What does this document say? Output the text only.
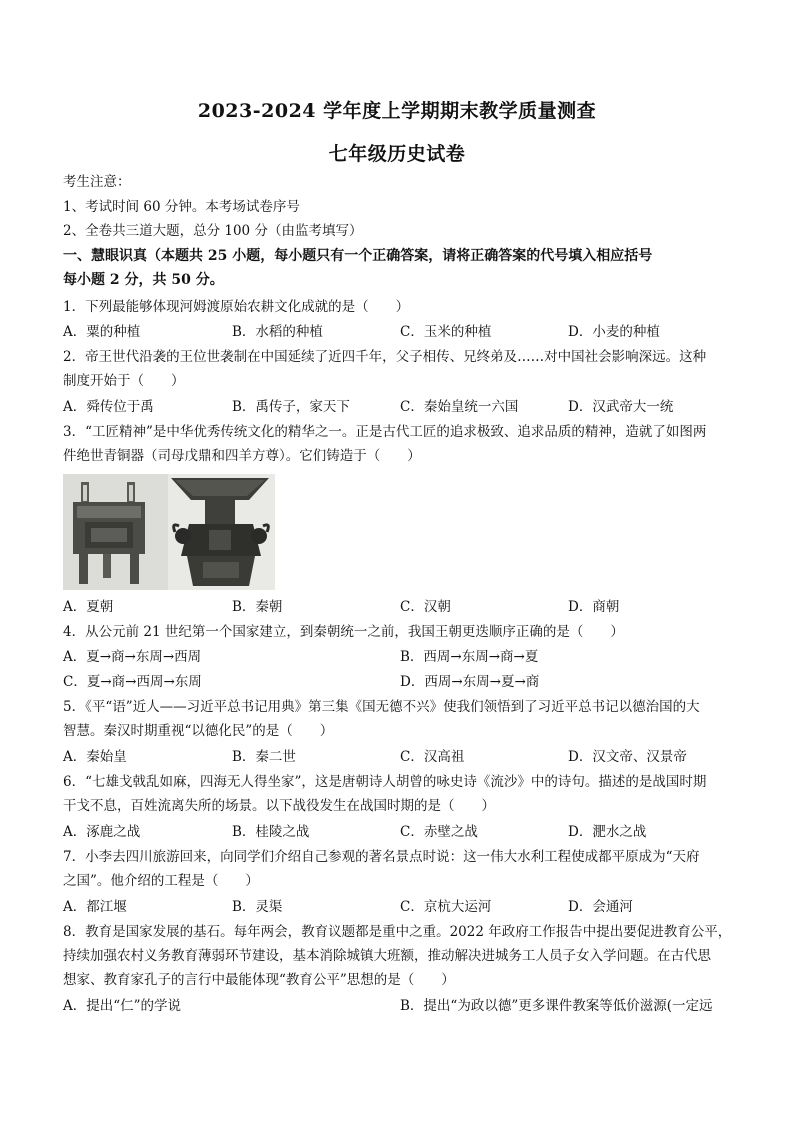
2023-2024 学年度上学期期末教学质量测查
七年级历史试卷
考生注意：
1、考试时间 60 分钟。本考场试卷序号
2、全卷共三道大题，总分 100 分（由监考填写）
一、慧眼识真（本题共 25 小题，每小题只有一个正确答案，请将正确答案的代号填入相应括号
每小题 2 分，共 50 分。
1．下列最能够体现河姆渡原始农耕文化成就的是（　　）
A．粟的种植	B．水稻的种植	C．玉米的种植	D．小麦的种植
2．帝王世代沿袭的王位世袭制在中国延续了近四千年，父子相传、兄终弟及……对中国社会影响深远。这种
制度开始于（　　）
A．舜传位于禹	B．禹传子，家天下	C．秦始皇统一六国	D．汉武帝大一统
3．“工匠精神”是中华优秀传统文化的精华之一。正是古代工匠的追求极致、追求品质的精神，造就了如图两
件绝世青铜器（司母戊鼎和四羊方尊）。它们铸造于（　　）
A．夏朝	B．秦朝	C．汉朝	D．商朝
4．从公元前 21 世纪第一个国家建立，到秦朝统一之前，我国王朝更迭顺序正确的是（　　）
A．夏→商→东周→西周	B．西周→东周→商→夏
C．夏→商→西周→东周	D．西周→东周→夏→商
5．《平“语”近人——习近平总书记用典》第三集《国无德不兴》使我们领悟到了习近平总书记以德治国的大
智慧。秦汉时期重视“以德化民”的是（　　）
A．秦始皇	B．秦二世	C．汉高祖	D．汉文帝、汉景帝
6．“七雄戈戟乱如麻，四海无人得坐家”，这是唐朝诗人胡曾的咏史诗《流沙》中的诗句。描述的是战国时期
干戈不息，百姓流离失所的场景。以下战役发生在战国时期的是（　　）
A．涿鹿之战	B．桂陵之战	C．赤壁之战	D．淝水之战
7．小李去四川旅游回来，向同学们介绍自己参观的著名景点时说：这一伟大水利工程使成都平原成为“天府
之国”。他介绍的工程是（　　）
A．都江堰	B．灵渠	C．京杭大运河	D．会通河
8．教育是国家发展的基石。每年两会，教育议题都是重中之重。2022 年政府工作报告中提出要促进教育公平，
持续加强农村义务教育薄弱环节建设，基本消除城镇大班额，推动解决进城务工人员子女入学问题。在古代思
想家、教育家孔子的言行中最能体现“教育公平”思想的是（　　）
A．提出“仁”的学说	B．提出“为政以德”更多课件教案等低价滋源(一定远
